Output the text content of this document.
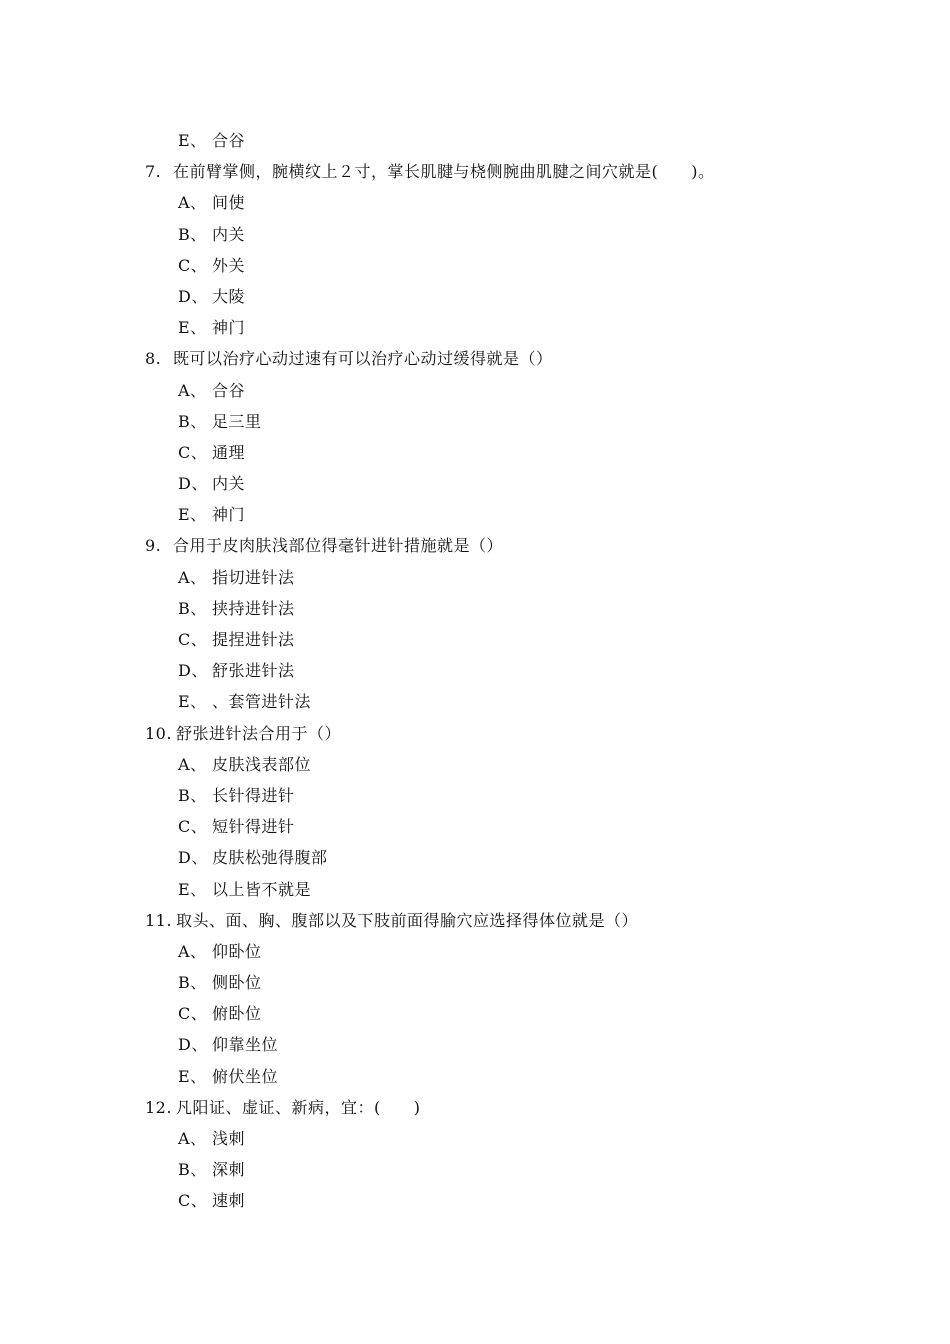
E、 合谷
7. 在前臂掌侧，腕横纹上２寸，掌长肌腱与桡侧腕曲肌腱之间穴就是(　　)。
A、 间使
B、 内关
C、 外关
D、 大陵
E、 神门
8. 既可以治疗心动过速有可以治疗心动过缓得就是（）
A、 合谷
B、 足三里
C、 通理
D、 内关
E、 神门
9. 合用于皮肉肤浅部位得毫针进针措施就是（）
A、 指切进针法
B、 挟持进针法
C、 提捏进针法
D、 舒张进针法
E、 、套管进针法
10. 舒张进针法合用于（）
A、 皮肤浅表部位
B、 长针得进针
C、 短针得进针
D、 皮肤松弛得腹部
E、 以上皆不就是
11. 取头、面、胸、腹部以及下肢前面得腧穴应选择得体位就是（）
A、 仰卧位
B、 侧卧位
C、 俯卧位
D、 仰靠坐位
E、 俯伏坐位
12. 凡阳证、虚证、新病，宜：(　　)
A、 浅刺
B、 深刺
C、 速刺
